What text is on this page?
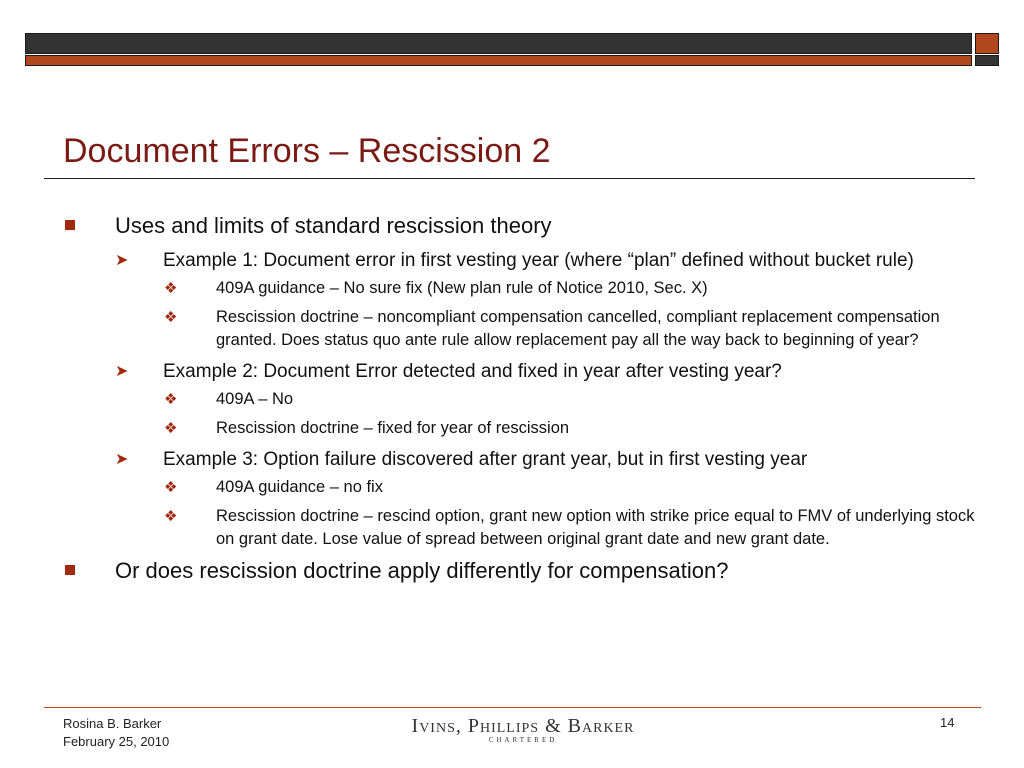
Document Errors – Rescission 2
Uses and limits of standard rescission theory
➤ Example 1: Document error in first vesting year (where “plan” defined without bucket rule)
❖ 409A guidance – No sure fix (New plan rule of Notice 2010, Sec. X)
❖ Rescission doctrine – noncompliant compensation cancelled, compliant replacement compensation granted. Does status quo ante rule allow replacement pay all the way back to beginning of year?
➤ Example 2: Document Error detected and fixed in year after vesting year?
❖ 409A – No
❖ Rescission doctrine – fixed for year of rescission
➤ Example 3: Option failure discovered after grant year, but in first vesting year
❖ 409A guidance – no fix
❖ Rescission doctrine – rescind option, grant new option with strike price equal to FMV of underlying stock on grant date. Lose value of spread between original grant date and new grant date.
Or does rescission doctrine apply differently for compensation?
Rosina B. Barker
February 25, 2010
Ivins, Phillips & Barker
CHARTERED
14
